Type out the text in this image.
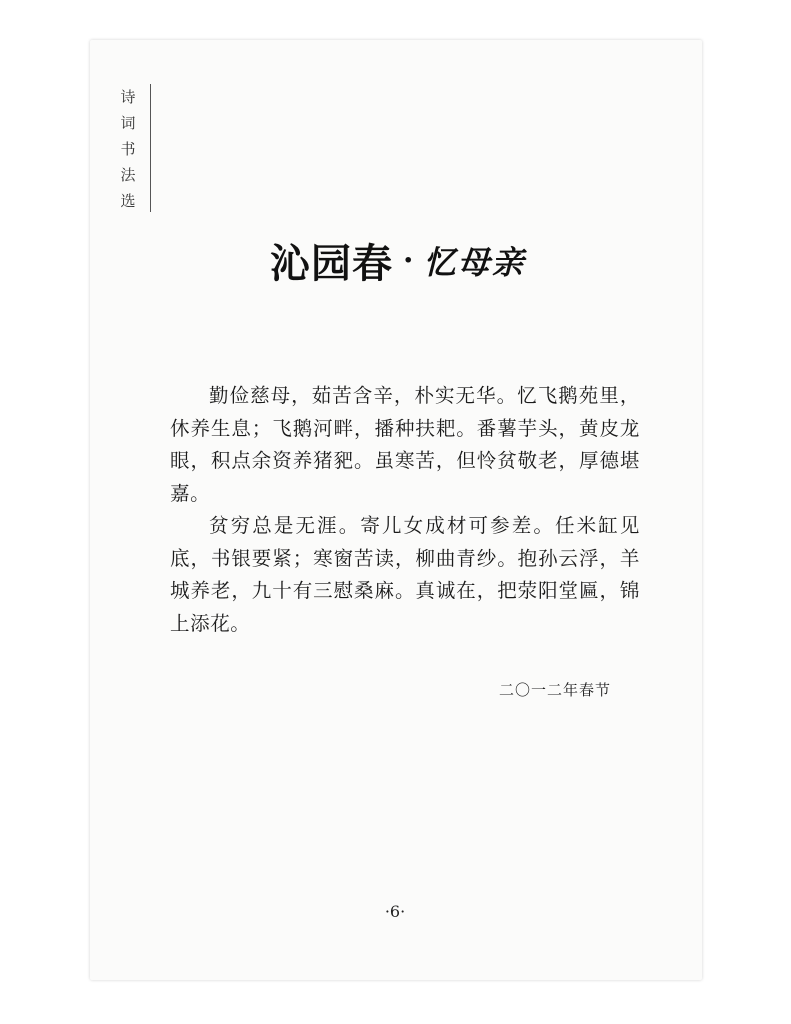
诗
词
书
法
选
沁园春 · 忆母亲

勤俭慈母，茹苦含辛，朴实无华。忆飞鹅苑里，休养生息；飞鹅河畔，播种扶耙。番薯芋头，黄皮龙眼，积点余资养猪豝。虽寒苦，但怜贫敬老，厚德堪嘉。

贫穷总是无涯。寄儿女成材可参差。任米缸见底，书银要紧；寒窗苦读，柳曲青纱。抱孙云浮，羊城养老，九十有三慰桑麻。真诚在，把荥阳堂匾，锦上添花。

二〇一二年春节
·6·
